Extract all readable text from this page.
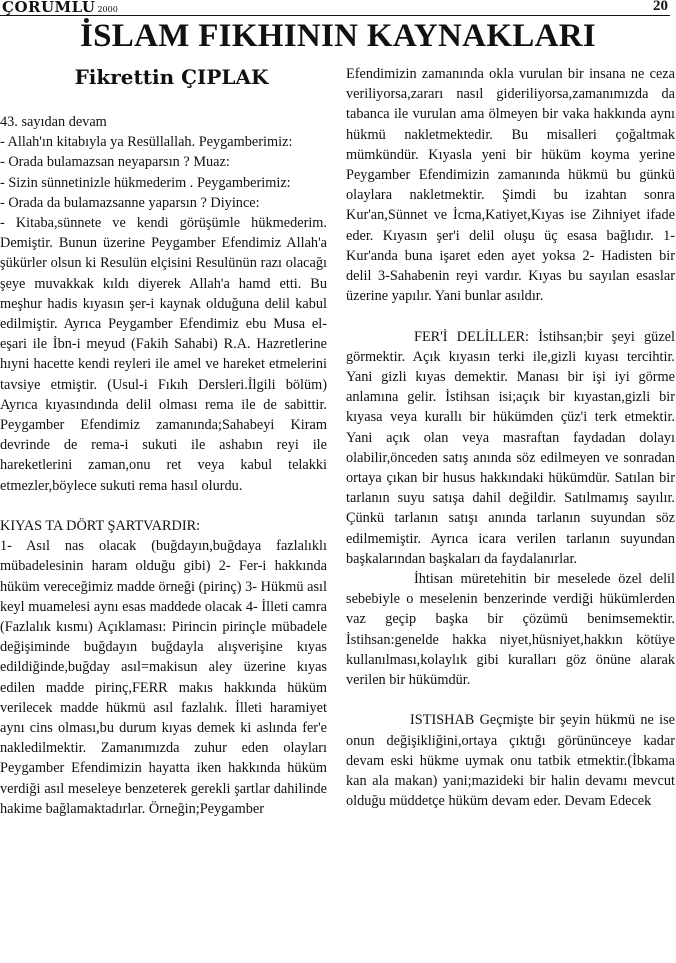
ÇORUMLU 2000	20
İSLAM FIKHININ KAYNAKLARI
Fikrettin ÇIPLAK

43. sayıdan devam

- Allah'ın kitabıyla ya Resüllallah. Peygamberimiz:

- Orada bulamazsan neyaparsın ? Muaz:

- Sizin sünnetinizle hükmederim . Peygamberimiz:

- Orada da bulamazsanne yaparsın ? Diyince:

- Kitaba,sünnete ve kendi görüşümle hükmederim. Demiştir. Bunun üzerine Peygamber Efendimiz Allah'a şükürler olsun ki Resulün elçisini Resulünün razı olacağı şeye muvakkak kıldı diyerek Allah'a hamd etti. Bu meşhur hadis kıyasın şer-i kaynak olduğuna delil kabul edilmiştir. Ayrıca Peygamber Efendimiz ebu Musa el-eşari ile İbn-i meyud (Fakih Sahabi) R.A. Hazretlerine hıyni hacette kendi reyleri ile amel ve hareket etmelerini tavsiye etmiştir. (Usul-i Fıkıh Dersleri.İlgili bölüm) Ayrıca kıyasındında delil olması rema ile de sabittir. Peygamber Efendimiz zamanında;Sahabeyi Kiram devrinde de rema-i sukuti ile ashabın reyi ile hareketlerini zaman,onu ret veya kabul telakki etmezler,böylece sukuti rema hasıl olurdu.

KIYAS TA DÖRT ŞARTVARDIR:

1- Asıl nas olacak (buğdayın,buğdaya fazlalıklı mübadelesinin haram olduğu gibi) 2- Fer-i hakkında hüküm vereceğimiz madde örneği (pirinç) 3- Hükmü asıl keyl muamelesi aynı esas maddede olacak 4- İlleti camra (Fazlalık kısmı) Açıklaması: Pirincin pirinçle mübadele değişiminde buğdayın buğdayla alışverişine kıyas edildiğinde,buğday asıl=makisun aley üzerine kıyas edilen madde pirinç,FERR makıs hakkında hüküm verilecek madde hükmü asıl fazlalık. İlleti haramiyet aynı cins olması,bu durum kıyas demek ki aslında fer'e nakledilmektir. Zamanımızda zuhur eden olayları Peygamber Efendimizin hayatta iken hakkında hüküm verdiği asıl meseleye benzeterek gerekli şartlar dahilinde hakime bağlamaktadırlar. Örneğin;Peygamber

Efendimizin zamanında okla vurulan bir insana ne ceza veriliyorsa,zararı nasıl gideriliyorsa,zamanımızda da tabanca ile vurulan ama ölmeyen bir vaka hakkında aynı hükmü nakletmektedir. Bu misalleri çoğaltmak mümkündür. Kıyasla yeni bir hüküm koyma yerine Peygamber Efendimizin zamanında hükmü bu günkü olaylara nakletmektir. Şimdi bu izahtan sonra Kur'an,Sünnet ve İcma,Katiyet,Kıyas ise Zihniyet ifade eder. Kıyasın şer'i delil oluşu üç esasa bağlıdır. 1- Kur'anda buna işaret eden ayet yoksa 2- Hadisten bir delil 3-Sahabenin reyi vardır. Kıyas bu sayılan esaslar üzerine yapılır. Yani bunlar asıldır.

FER'İ DELİLLER: İstihsan;bir şeyi güzel görmektir. Açık kıyasın terki ile,gizli kıyası tercihtir. Yani gizli kıyas demektir. Manası bir işi iyi görme anlamına gelir. İstihsan isi;açık bir kıyastan,gizli bir kıyasa veya kurallı bir hükümden çüz'i terk etmektir. Yani açık olan veya masraftan faydadan dolayı olabilir,önceden satış anında söz edilmeyen ve sonradan ortaya çıkan bir husus hakkındaki hükümdür. Satılan bir tarlanın suyu satışa dahil değildir. Satılmamış sayılır. Çünkü tarlanın satışı anında tarlanın suyundan söz edilmemiştir. Ayrıca icara verilen tarlanın suyundan başkalarından başkaları da faydalanırlar.

İhtisan müretehitin bir meselede özel delil sebebiyle o meselenin benzerinde verdiği hükümlerden vaz geçip başka bir çözümü benimsemektir. İstihsan:genelde hakka niyet,hüsniyet,hakkın kötüye kullanılması,kolaylık gibi kuralları göz önüne alarak verilen bir hükümdür.

ISTISHAB Geçmişte bir şeyin hükmü ne ise onun değişikliğini,ortaya çıktığı görününceye kadar devam eski hükme uymak onu tatbik etmektir.(İbkama kan ala makan) yani;mazideki bir halin devamı mevcut olduğu müddetçe hüküm devam eder. Devam Edecek
